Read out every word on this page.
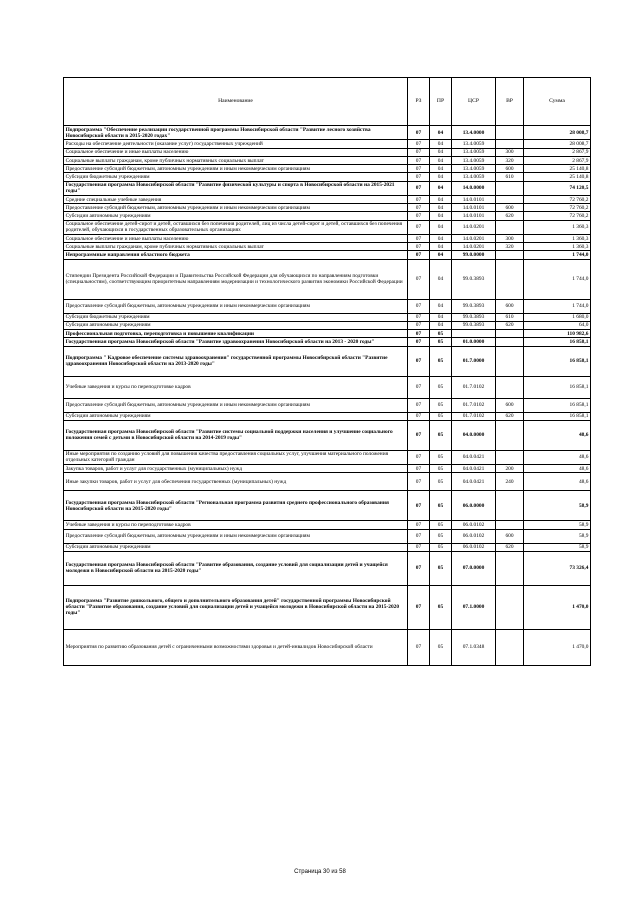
Наименование	РЗ	ПР	ЦСР	ВР	Сумма
Подпрограмма "Обеспечение реализации государственной программы Новосибирской области "Развитие лесного хозяйства Новосибирской области в 2015-2020 годах"	07	04	13.4.0000		28 008,7
Расходы на обеспечение деятельности (оказание услуг) государственных учреждений	07	04	13.4.0059		28 008,7
Социальное обеспечение и иные выплаты населению	07	04	13.4.0059	300	2 867,9
Социальные выплаты гражданам, кроме публичных нормативных социальных выплат	07	04	13.4.0059	320	2 867,9
Предоставление субсидий бюджетным, автономным учреждениям и иным некоммерческим организациям	07	04	13.4.0059	600	25 140,8
Субсидии бюджетным учреждениям	07	04	13.4.0059	610	25 140,8
Государственная программа Новосибирской области "Развитие физической культуры и спорта в Новосибирской области на 2015-2021 годы"	07	04	14.0.0000		74 120,5
Средние специальные учебные заведения	07	04	14.0.0101		72 760,2
Предоставление субсидий бюджетным, автономным учреждениям и иным некоммерческим организациям	07	04	14.0.0101	600	72 760,2
Субсидии автономным учреждениям	07	04	14.0.0101	620	72 760,2
Социальное обеспечение детей-сирот и детей, оставшихся без попечения родителей, лиц из числа детей-сирот и детей, оставшихся без попечения родителей, обучающихся в государственных образовательных организациях	07	04	14.0.0201		1 360,3
Социальное обеспечение и иные выплаты населению	07	04	14.0.0201	300	1 360,3
Социальные выплаты гражданам, кроме публичных нормативных социальных выплат	07	04	14.0.0201	320	1 360,3
Непрограммные направления областного бюджета	07	04	99.0.0000		1 744,0
Стипендии Президента Российской Федерации и Правительства Российской Федерации для обучающихся по направлениям подготовки (специальностям), соответствующим приоритетным направлениям модернизации и технологического развития экономики Российской Федерации	07	04	99.0.3893		1 744,0
Предоставление субсидий бюджетным, автономным учреждениям и иным некоммерческим организациям	07	04	99.0.3893	600	1 744,0
Субсидии бюджетным учреждениям	07	04	99.0.3893	610	1 680,0
Субсидии автономным учреждениям	07	04	99.0.3893	620	64,0
Профессиональная подготовка, переподготовка и повышение квалификации	07	05			110 982,6
Государственная программа Новосибирской области "Развитие здравоохранения Новосибирской области на 2013 - 2020 годы"	07	05	01.0.0000		16 858,1
Подпрограмма " Кадровое обеспечение системы здравоохранения" государственной программы Новосибирской области "Развитие здравоохранения Новосибирской области на 2013-2020 годы"	07	05	01.7.0000		16 858,1
Учебные заведения и курсы по переподготовке кадров	07	05	01.7.0102		16 858,1
Предоставление субсидий бюджетным, автономным учреждениям и иным некоммерческим организациям	07	05	01.7.0102	600	16 858,1
Субсидии автономным учреждениям	07	05	01.7.0102	620	16 858,1
Государственная программа Новосибирской области "Развитие системы социальной поддержки населения и улучшение социального положения семей с детьми в Новосибирской области на 2014-2019 годы"	07	05	04.0.0000		48,6
Иные мероприятия по созданию условий для повышения качества предоставления социальных услуг, улучшения материального положения отдельных категорий граждан	07	05	04.0.0421		48,6
Закупка товаров, работ и услуг для государственных (муниципальных) нужд	07	05	04.0.0421	200	48,6
Иные закупки товаров, работ и услуг для обеспечения государственных (муниципальных) нужд	07	05	04.0.0421	240	48,6
Государственная программа Новосибирской области "Региональная программа развития среднего профессионального образования Новосибирской области на 2015-2020 годы"	07	05	06.0.0000		58,9
Учебные заведения и курсы по переподготовке кадров	07	05	06.0.0102		58,9
Предоставление субсидий бюджетным, автономным учреждениям и иным некоммерческим организациям	07	05	06.0.0102	600	58,9
Субсидии автономным учреждениям	07	05	06.0.0102	620	58,9
Государственная программа Новосибирской области "Развитие образования, создание условий для социализации детей и учащейся молодежи в Новосибирской области на 2015-2020 годы"	07	05	07.0.0000		73 326,4
Подпрограмма "Развитие дошкольного, общего и дополнительного образования детей" государственной программы Новосибирской области "Развитие образования, создание условий для социализации детей и учащейся молодежи в Новосибирской области на 2015-2020 годы"	07	05	07.1.0000		1 470,0
Мероприятия по развитию образования детей с ограниченными возможностями здоровья и детей-инвалидов Новосибирской области	07	05	07.1.0348		1 470,0
Страница 30 из 58
